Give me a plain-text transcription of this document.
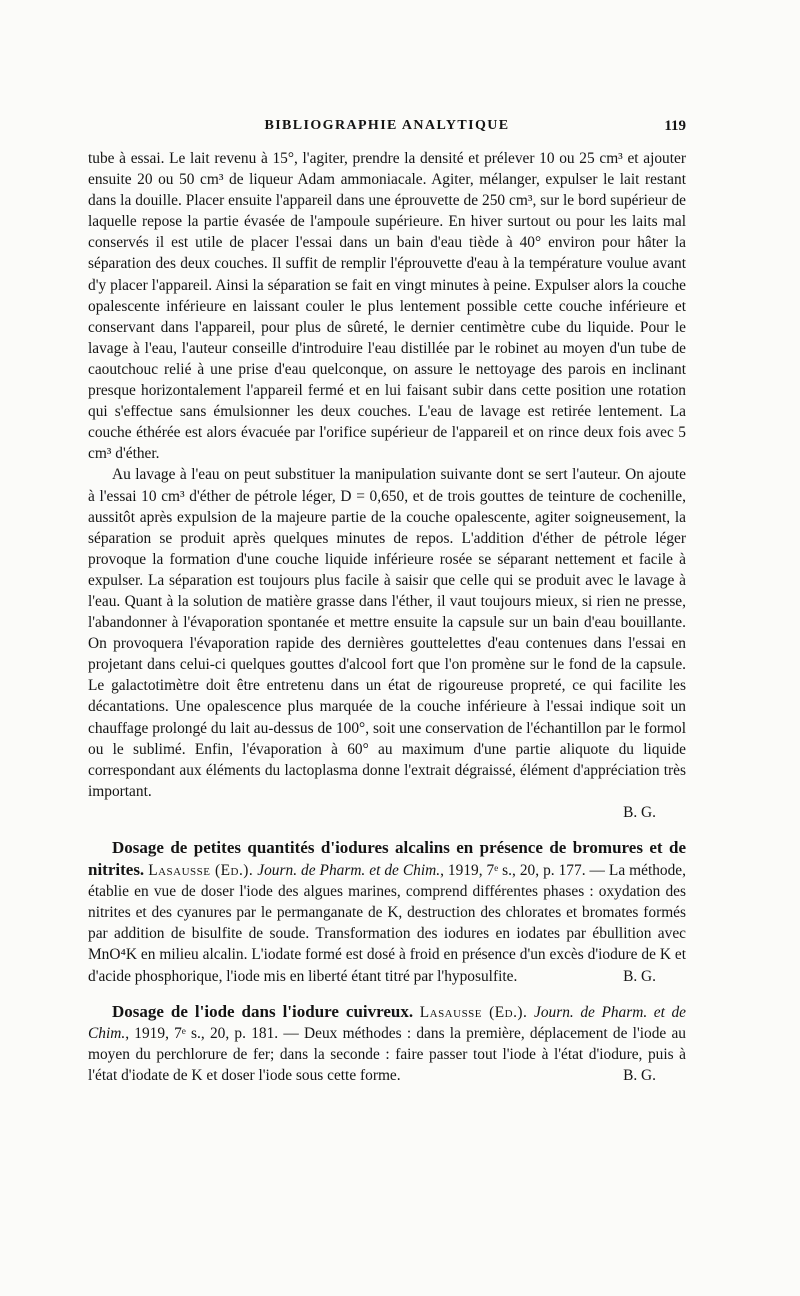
BIBLIOGRAPHIE ANALYTIQUE	119

tube à essai. Le lait revenu à 15°, l'agiter, prendre la densité et prélever 10 ou 25 cm³ et ajouter ensuite 20 ou 50 cm³ de liqueur Adam ammoniacale. Agiter, mélanger, expulser le lait restant dans la douille. Placer ensuite l'appareil dans une éprouvette de 250 cm³, sur le bord supérieur de laquelle repose la partie évasée de l'ampoule supérieure. En hiver surtout ou pour les laits mal conservés il est utile de placer l'essai dans un bain d'eau tiède à 40° environ pour hâter la séparation des deux couches. Il suffit de remplir l'éprouvette d'eau à la température voulue avant d'y placer l'appareil. Ainsi la séparation se fait en vingt minutes à peine. Expulser alors la couche opalescente inférieure en laissant couler le plus lentement possible cette couche inférieure et conservant dans l'appareil, pour plus de sûreté, le dernier centimètre cube du liquide. Pour le lavage à l'eau, l'auteur conseille d'introduire l'eau distillée par le robinet au moyen d'un tube de caoutchouc relié à une prise d'eau quelconque, on assure le nettoyage des parois en inclinant presque horizontalement l'appareil fermé et en lui faisant subir dans cette position une rotation qui s'effectue sans émulsionner les deux couches. L'eau de lavage est retirée lentement. La couche éthérée est alors évacuée par l'orifice supérieur de l'appareil et on rince deux fois avec 5 cm³ d'éther.

Au lavage à l'eau on peut substituer la manipulation suivante dont se sert l'auteur. On ajoute à l'essai 10 cm³ d'éther de pétrole léger, D = 0,650, et de trois gouttes de teinture de cochenille, aussitôt après expulsion de la majeure partie de la couche opalescente, agiter soigneusement, la séparation se produit après quelques minutes de repos. L'addition d'éther de pétrole léger provoque la formation d'une couche liquide inférieure rosée se séparant nettement et facile à expulser. La séparation est toujours plus facile à saisir que celle qui se produit avec le lavage à l'eau. Quant à la solution de matière grasse dans l'éther, il vaut toujours mieux, si rien ne presse, l'abandonner à l'évaporation spontanée et mettre ensuite la capsule sur un bain d'eau bouillante. On provoquera l'évaporation rapide des dernières gouttelettes d'eau contenues dans l'essai en projetant dans celui-ci quelques gouttes d'alcool fort que l'on promène sur le fond de la capsule. Le galactotimètre doit être entretenu dans un état de rigoureuse propreté, ce qui facilite les décantations. Une opalescence plus marquée de la couche inférieure à l'essai indique soit un chauffage prolongé du lait au-dessus de 100°, soit une conservation de l'échantillon par le formol ou le sublimé. Enfin, l'évaporation à 60° au maximum d'une partie aliquote du liquide correspondant aux éléments du lactoplasma donne l'extrait dégraissé, élément d'appréciation très important.

B. G.

Dosage de petites quantités d'iodures alcalins en présence de bromures et de nitrites. Lasausse (Ed.). Journ. de Pharm. et de Chim., 1919, 7ᵉ s., 20, p. 177. — La méthode, établie en vue de doser l'iode des algues marines, comprend différentes phases : oxydation des nitrites et des cyanures par le permanganate de K, destruction des chlorates et bromates formés par addition de bisulfite de soude. Transformation des iodures en iodates par ébullition avec MnO⁴K en milieu alcalin. L'iodate formé est dosé à froid en présence d'un excès d'iodure de K et d'acide phosphorique, l'iode mis en liberté étant titré par l'hyposulfite.	B. G.

Dosage de l'iode dans l'iodure cuivreux. Lasausse (Ed.). Journ. de Pharm. et de Chim., 1919, 7ᵉ s., 20, p. 181. — Deux méthodes : dans la première, déplacement de l'iode au moyen du perchlorure de fer; dans la seconde : faire passer tout l'iode à l'état d'iodure, puis à l'état d'iodate de K et doser l'iode sous cette forme.	B. G.
